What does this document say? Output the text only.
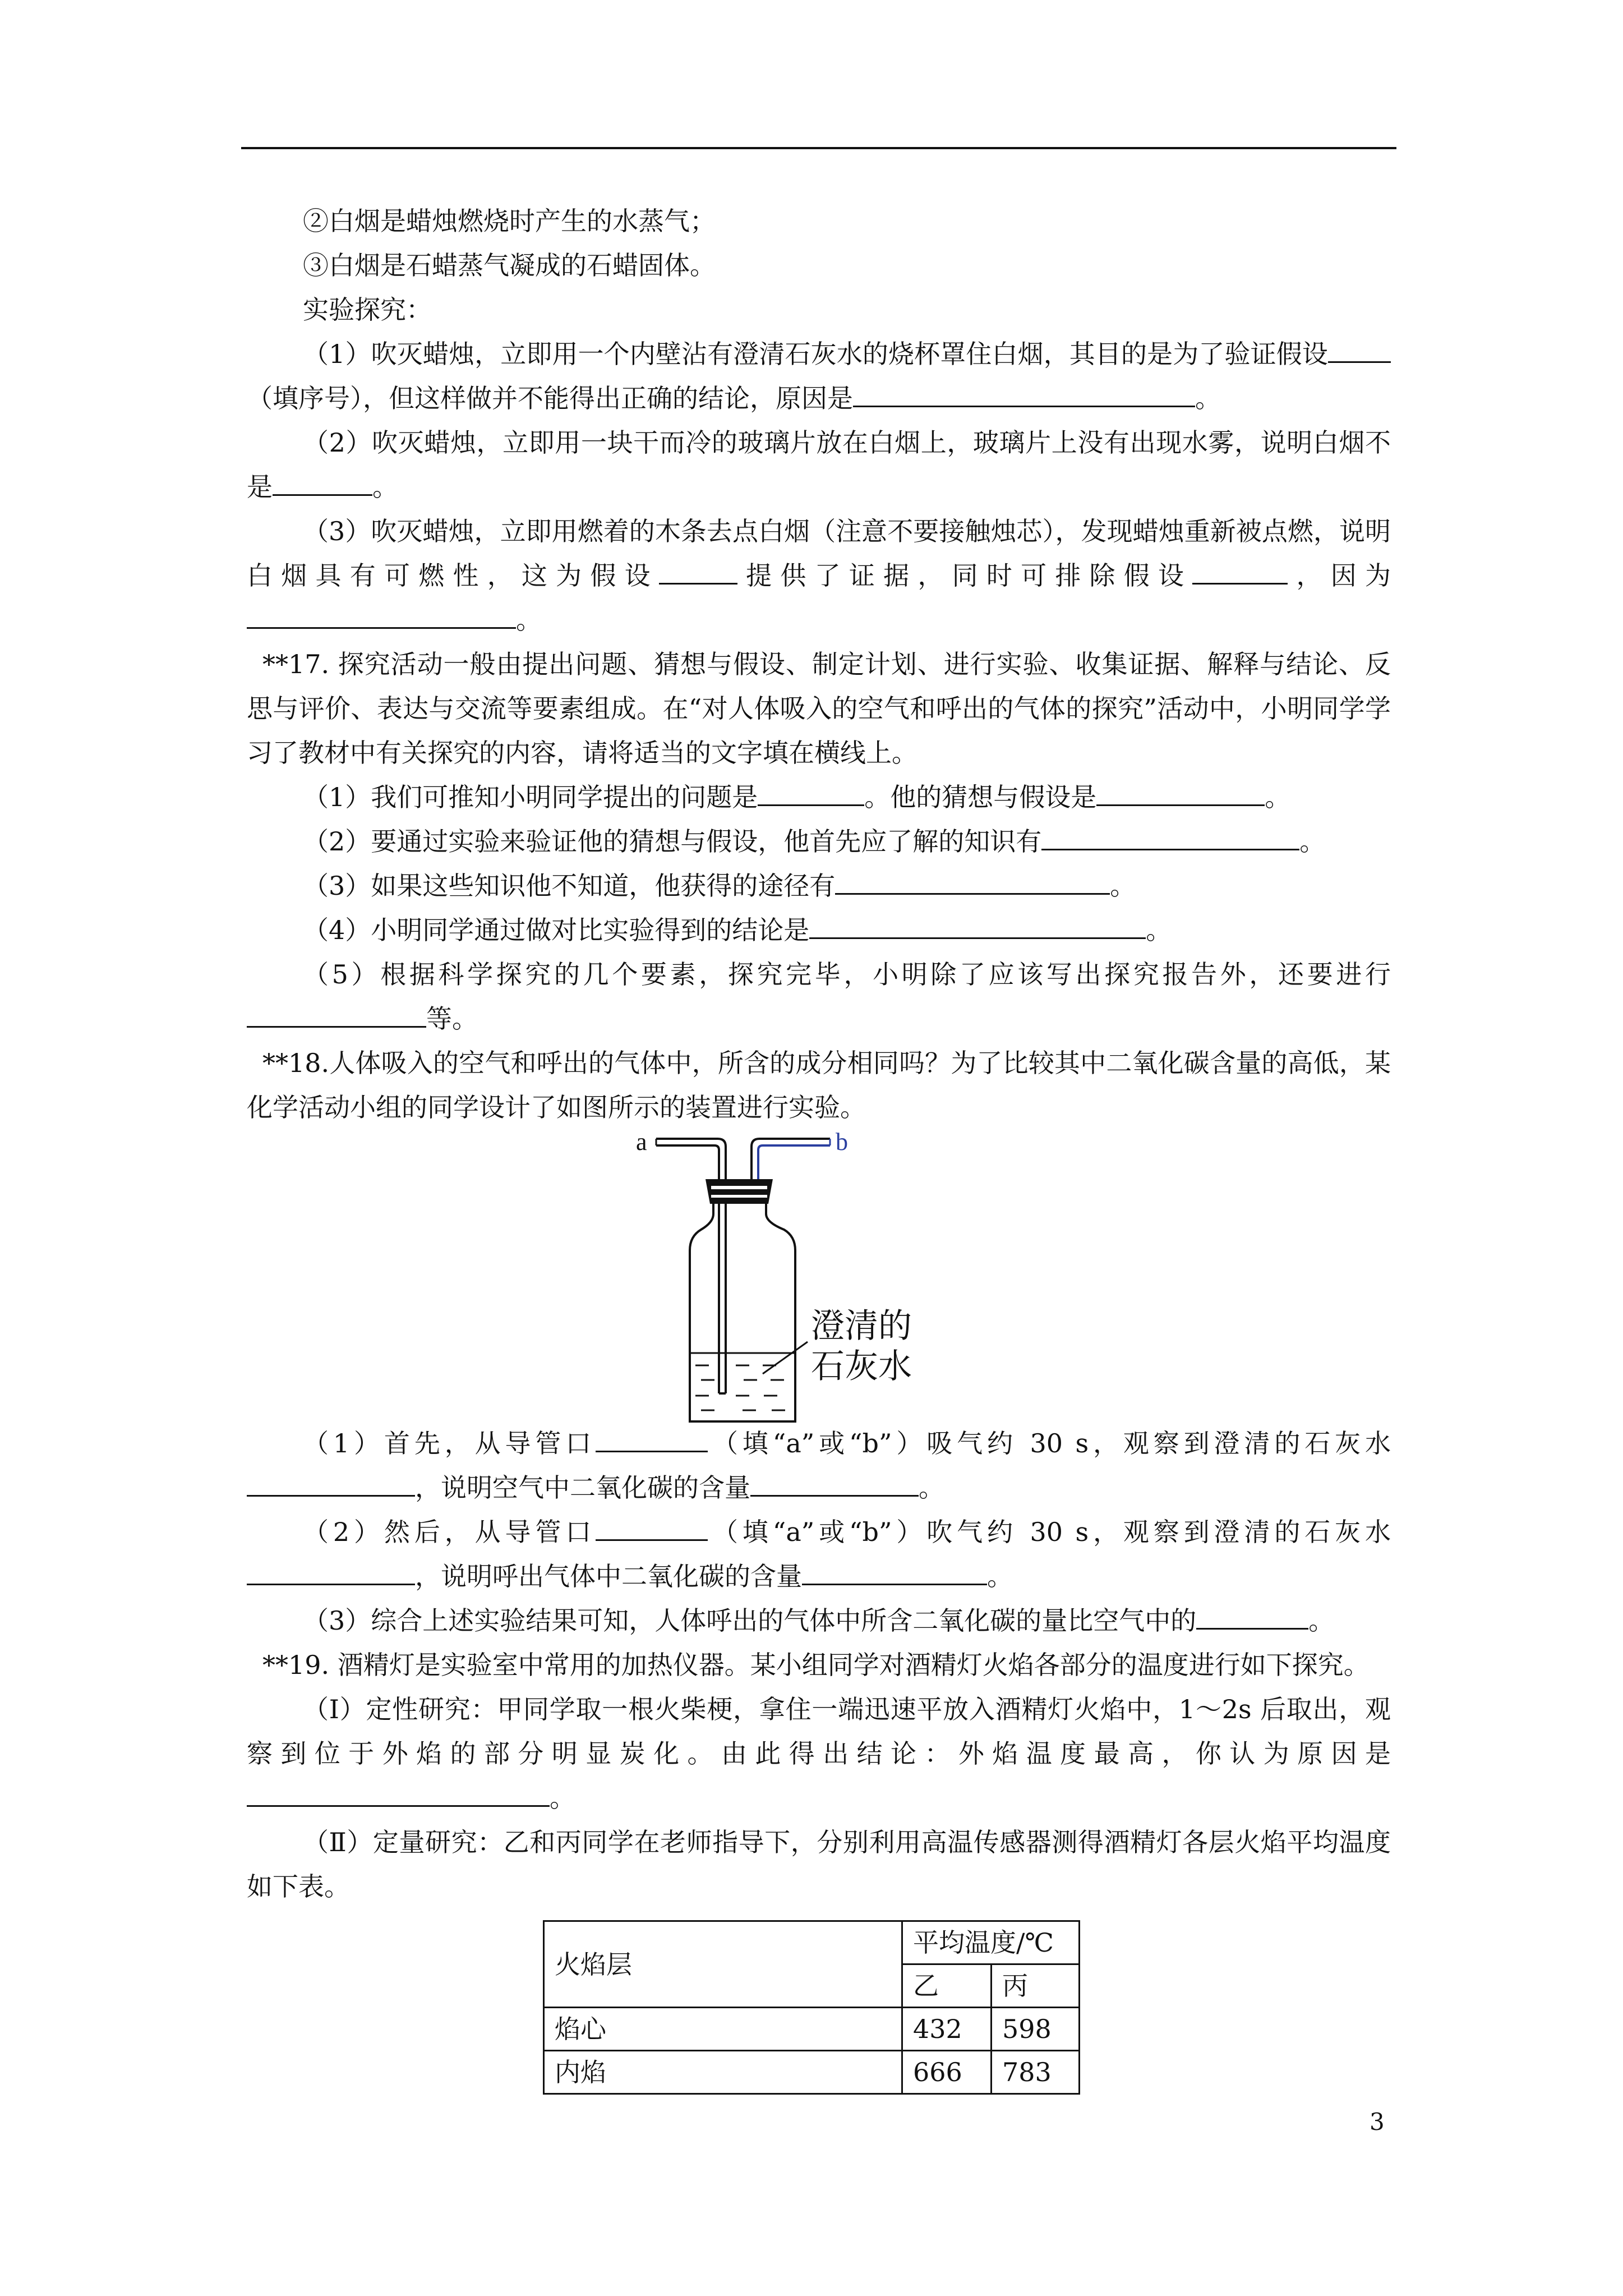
②白烟是蜡烛燃烧时产生的水蒸气；

③白烟是石蜡蒸气凝成的石蜡固体。

实验探究：

（1）吹灭蜡烛，立即用一个内壁沾有澄清石灰水的烧杯罩住白烟，其目的是为了验证假设（填序号），但这样做并不能得出正确的结论，原因是	。

（2）吹灭蜡烛，立即用一块干而冷的玻璃片放在白烟上，玻璃片上没有出现水雾，说明白烟不是	。

（3）吹灭蜡烛，立即用燃着的木条去点白烟（注意不要接触烛芯），发现蜡烛重新被点燃，说明白烟具有可燃性，这为假设	提供了证据，同时可排除假设	，因为。

**17. 探究活动一般由提出问题、猜想与假设、制定计划、进行实验、收集证据、解释与结论、反思与评价、表达与交流等要素组成。在“对人体吸入的空气和呼出的气体的探究”活动中，小明同学学习了教材中有关探究的内容，请将适当的文字填在横线上。

（1）我们可推知小明同学提出的问题是	。他的猜想与假设是	。

（2）要通过实验来验证他的猜想与假设，他首先应了解的知识有	。

（3）如果这些知识他不知道，他获得的途径有	。

（4）小明同学通过做对比实验得到的结论是	。

（5）根据科学探究的几个要素，探究完毕，小明除了应该写出探究报告外，还要进行等。

**18.人体吸入的空气和呼出的气体中，所含的成分相同吗？为了比较其中二氧化碳含量的高低，某化学活动小组的同学设计了如图所示的装置进行实验。

a	b
澄清的
石灰水

（1）首先，从导管口	（填“a”或“b”）吸气约 30 s，观察到澄清的石灰水，说明空气中二氧化碳的含量	。

（2）然后，从导管口	（填“a”或“b”）吹气约 30 s，观察到澄清的石灰水，说明呼出气体中二氧化碳的含量	。

（3）综合上述实验结果可知，人体呼出的气体中所含二氧化碳的量比空气中的	。

**19. 酒精灯是实验室中常用的加热仪器。某小组同学对酒精灯火焰各部分的温度进行如下探究。

（Ⅰ）定性研究：甲同学取一根火柴梗，拿住一端迅速平放入酒精灯火焰中，1～2s 后取出，观察到位于外焰的部分明显炭化。由此得出结论：外焰温度最高，你认为原因是。

（Ⅱ）定量研究：乙和丙同学在老师指导下，分别利用高温传感器测得酒精灯各层火焰平均温度如下表。

火焰层	平均温度/℃	
	乙	丙
焰心	432	598
内焰	666	783
3
